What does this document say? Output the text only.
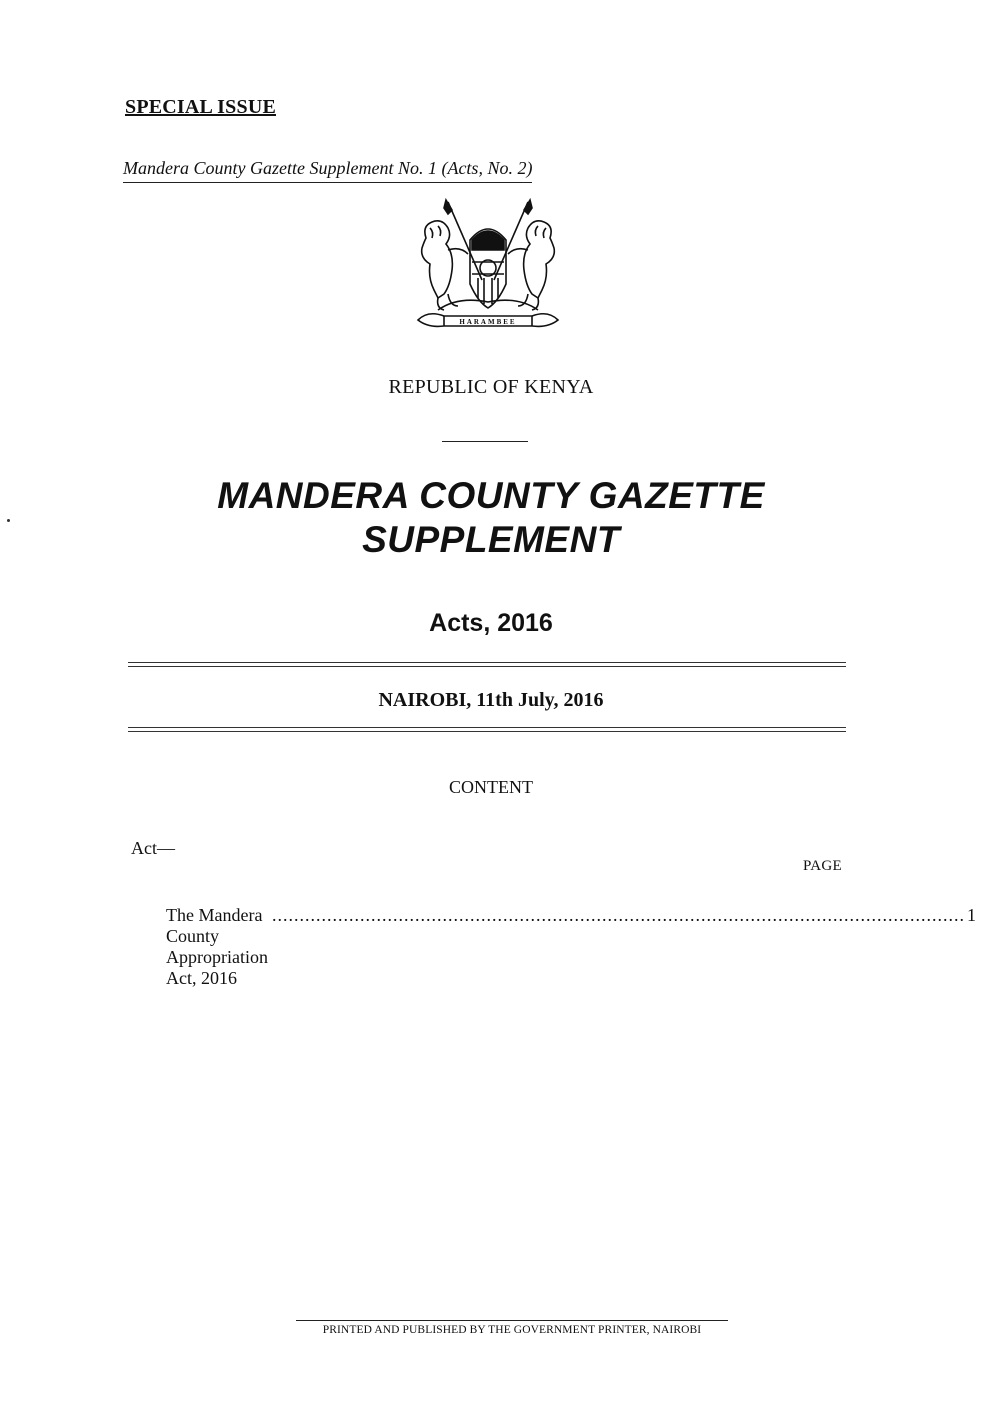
SPECIAL ISSUE
Mandera County Gazette Supplement No. 1 (Acts, No. 2)
HARAMBEE
REPUBLIC OF KENYA
MANDERA COUNTY GAZETTE
SUPPLEMENT
Acts, 2016
NAIROBI, 11th July, 2016
CONTENT
Act—
PAGE
The Mandera County Appropriation Act, 2016
.............................................................................................................................. 1
PRINTED AND PUBLISHED BY THE GOVERNMENT PRINTER, NAIROBI
